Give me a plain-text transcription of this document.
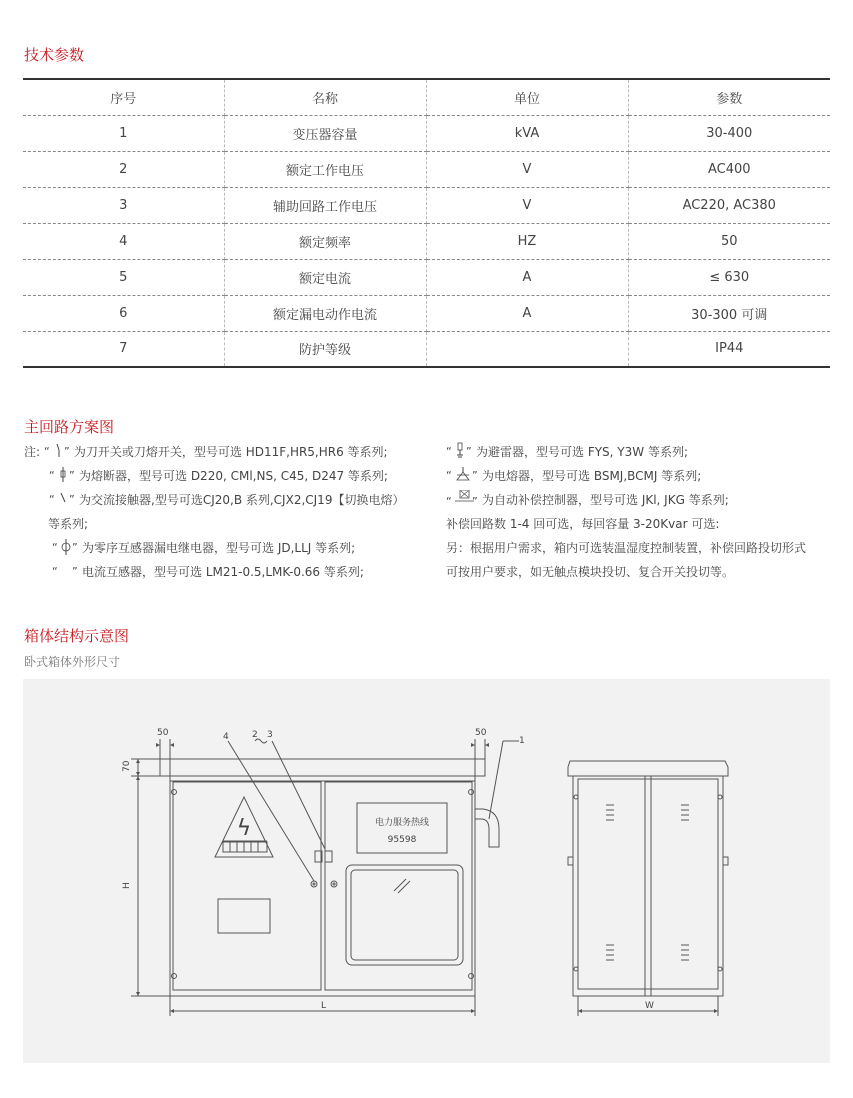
技术参数
序号	名称	单位	参数
1	变压器容量	kVA	30-400
2	额定工作电压	V	AC400
3	辅助回路工作电压	V	AC220, AC380
4	额定频率	HZ	50
5	额定电流	A	≤ 630
6	额定漏电动作电流	A	30-300 可调
7	防护等级		IP44
主回路方案图
注: “ ” 为刀开关或刀熔开关，型号可选 HD11F,HR5,HR6 等系列;
“ ” 为熔断器，型号可选 D220, CMl,NS, C45, D247 等系列;
“ ” 为交流接触器,型号可选CJ20,B 系列,CJX2,CJ19【切换电熔）
等系列;
“ ” 为零序互感器漏电继电器，型号可选 JD,LLJ 等系列;
“ ” 电流互感器，型号可选 LM21-0.5,LMK-0.66 等系列;
“ ” 为避雷器，型号可选 FYS, Y3W 等系列;
“ ” 为电熔器，型号可选 BSMJ,BCMJ 等系列;
“ ” 为自动补偿控制器，型号可选 JKl, JKG 等系列;
补偿回路数 1-4 回可选，每回容量 3-20Kvar 可选:
另：根据用户需求，箱内可选装温湿度控制装置，补偿回路投切形式
可按用户要求，如无触点模块投切、复合开关投切等。
箱体结构示意图
卧式箱体外形尺寸
50	50
70
H
L	W
4	2 3
1
电力服务热线
95598
ϟ
